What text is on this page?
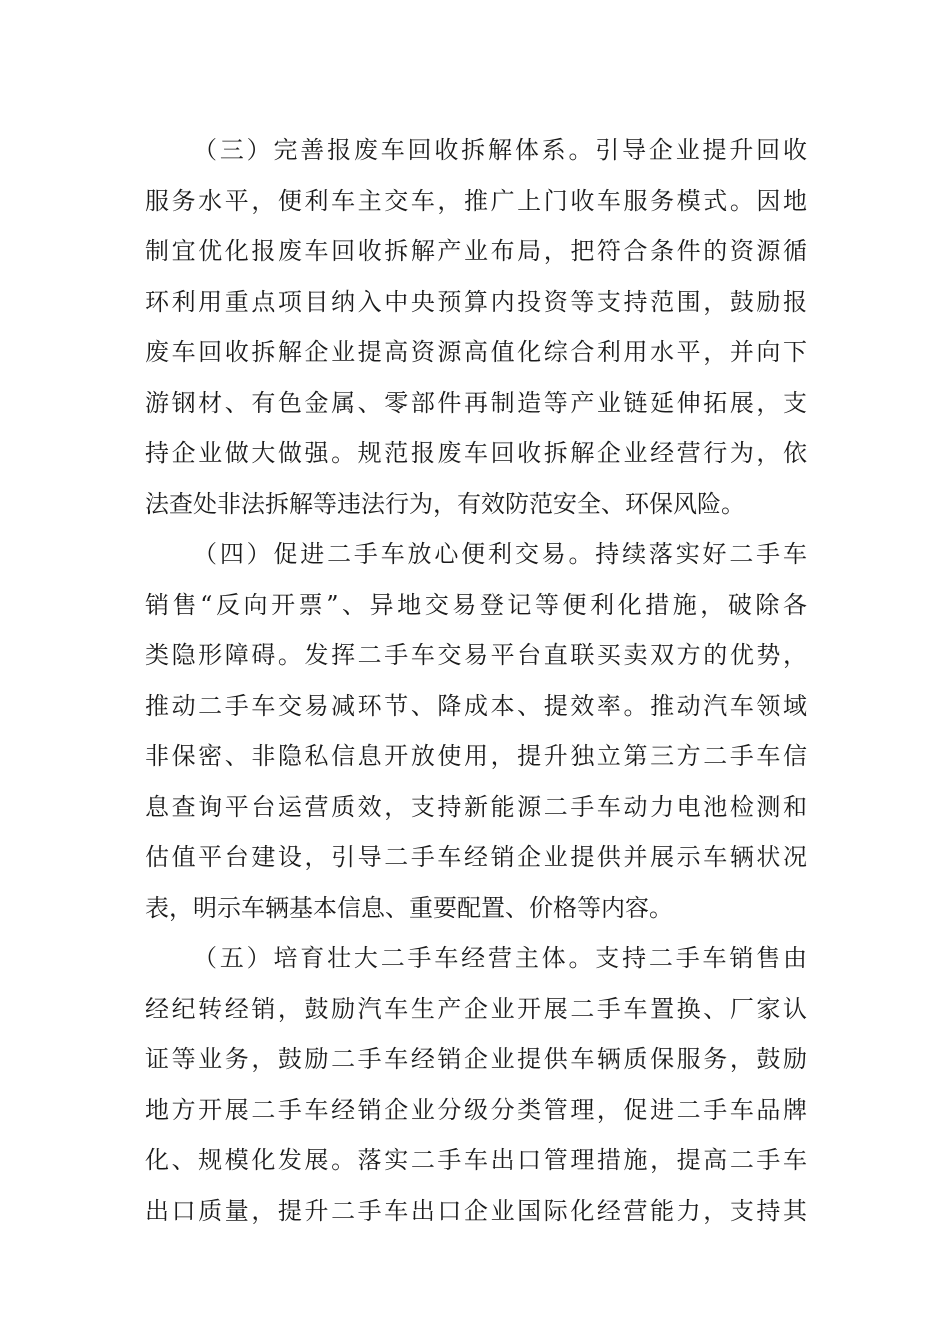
（三）完善报废车回收拆解体系。引导企业提升回收
服务水平，便利车主交车，推广上门收车服务模式。因地
制宜优化报废车回收拆解产业布局，把符合条件的资源循
环利用重点项目纳入中央预算内投资等支持范围，鼓励报
废车回收拆解企业提高资源高值化综合利用水平，并向下
游钢材、有色金属、零部件再制造等产业链延伸拓展，支
持企业做大做强。规范报废车回收拆解企业经营行为，依
法查处非法拆解等违法行为，有效防范安全、环保风险。
（四）促进二手车放心便利交易。持续落实好二手车
销售“反向开票”、异地交易登记等便利化措施，破除各
类隐形障碍。发挥二手车交易平台直联买卖双方的优势，
推动二手车交易减环节、降成本、提效率。推动汽车领域
非保密、非隐私信息开放使用，提升独立第三方二手车信
息查询平台运营质效，支持新能源二手车动力电池检测和
估值平台建设，引导二手车经销企业提供并展示车辆状况
表，明示车辆基本信息、重要配置、价格等内容。
（五）培育壮大二手车经营主体。支持二手车销售由
经纪转经销，鼓励汽车生产企业开展二手车置换、厂家认
证等业务，鼓励二手车经销企业提供车辆质保服务，鼓励
地方开展二手车经销企业分级分类管理，促进二手车品牌
化、规模化发展。落实二手车出口管理措施，提高二手车
出口质量，提升二手车出口企业国际化经营能力，支持其
